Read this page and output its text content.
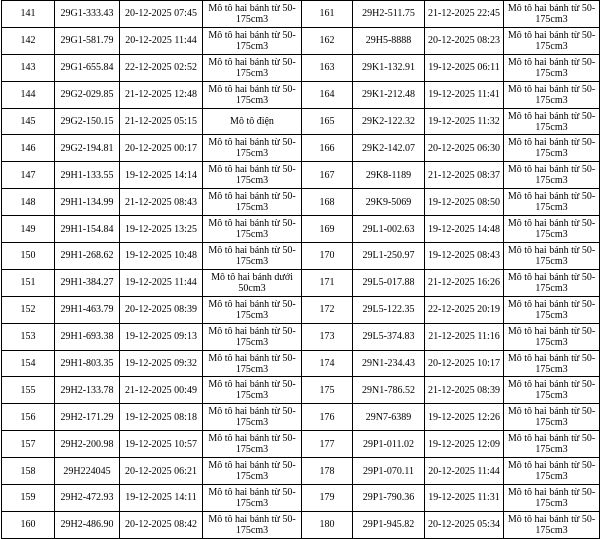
141	29G1-333.43	20-12-2025 07:45	Mô tô hai bánh từ 50-175cm3	161	29H2-511.75	21-12-2025 22:45	Mô tô hai bánh từ 50-175cm3
142	29G1-581.79	20-12-2025 11:44	Mô tô hai bánh từ 50-175cm3	162	29H5-8888	20-12-2025 08:23	Mô tô hai bánh từ 50-175cm3
143	29G1-655.84	22-12-2025 02:52	Mô tô hai bánh từ 50-175cm3	163	29K1-132.91	19-12-2025 06:11	Mô tô hai bánh từ 50-175cm3
144	29G2-029.85	21-12-2025 12:48	Mô tô hai bánh từ 50-175cm3	164	29K1-212.48	19-12-2025 11:41	Mô tô hai bánh từ 50-175cm3
145	29G2-150.15	21-12-2025 05:15	Mô tô điện	165	29K2-122.32	19-12-2025 11:32	Mô tô hai bánh từ 50-175cm3
146	29G2-194.81	20-12-2025 00:17	Mô tô hai bánh từ 50-175cm3	166	29K2-142.07	20-12-2025 06:30	Mô tô hai bánh từ 50-175cm3
147	29H1-133.55	19-12-2025 14:14	Mô tô hai bánh từ 50-175cm3	167	29K8-1189	21-12-2025 08:37	Mô tô hai bánh từ 50-175cm3
148	29H1-134.99	21-12-2025 08:43	Mô tô hai bánh từ 50-175cm3	168	29K9-5069	19-12-2025 08:50	Mô tô hai bánh từ 50-175cm3
149	29H1-154.84	19-12-2025 13:25	Mô tô hai bánh từ 50-175cm3	169	29L1-002.63	19-12-2025 14:48	Mô tô hai bánh từ 50-175cm3
150	29H1-268.62	19-12-2025 10:48	Mô tô hai bánh từ 50-175cm3	170	29L1-250.97	19-12-2025 08:43	Mô tô hai bánh từ 50-175cm3
151	29H1-384.27	19-12-2025 11:44	Mô tô hai bánh dưới 50cm3	171	29L5-017.88	21-12-2025 16:26	Mô tô hai bánh từ 50-175cm3
152	29H1-463.79	20-12-2025 08:39	Mô tô hai bánh từ 50-175cm3	172	29L5-122.35	22-12-2025 20:19	Mô tô hai bánh từ 50-175cm3
153	29H1-693.38	19-12-2025 09:13	Mô tô hai bánh từ 50-175cm3	173	29L5-374.83	21-12-2025 11:16	Mô tô hai bánh từ 50-175cm3
154	29H1-803.35	19-12-2025 09:32	Mô tô hai bánh từ 50-175cm3	174	29N1-234.43	20-12-2025 10:17	Mô tô hai bánh từ 50-175cm3
155	29H2-133.78	21-12-2025 00:49	Mô tô hai bánh từ 50-175cm3	175	29N1-786.52	21-12-2025 08:39	Mô tô hai bánh từ 50-175cm3
156	29H2-171.29	19-12-2025 08:18	Mô tô hai bánh từ 50-175cm3	176	29N7-6389	19-12-2025 12:26	Mô tô hai bánh từ 50-175cm3
157	29H2-200.98	19-12-2025 10:57	Mô tô hai bánh từ 50-175cm3	177	29P1-011.02	19-12-2025 12:09	Mô tô hai bánh từ 50-175cm3
158	29H224045	20-12-2025 06:21	Mô tô hai bánh từ 50-175cm3	178	29P1-070.11	20-12-2025 11:44	Mô tô hai bánh từ 50-175cm3
159	29H2-472.93	19-12-2025 14:11	Mô tô hai bánh từ 50-175cm3	179	29P1-790.36	19-12-2025 11:31	Mô tô hai bánh từ 50-175cm3
160	29H2-486.90	20-12-2025 08:42	Mô tô hai bánh từ 50-175cm3	180	29P1-945.82	20-12-2025 05:34	Mô tô hai bánh từ 50-175cm3
